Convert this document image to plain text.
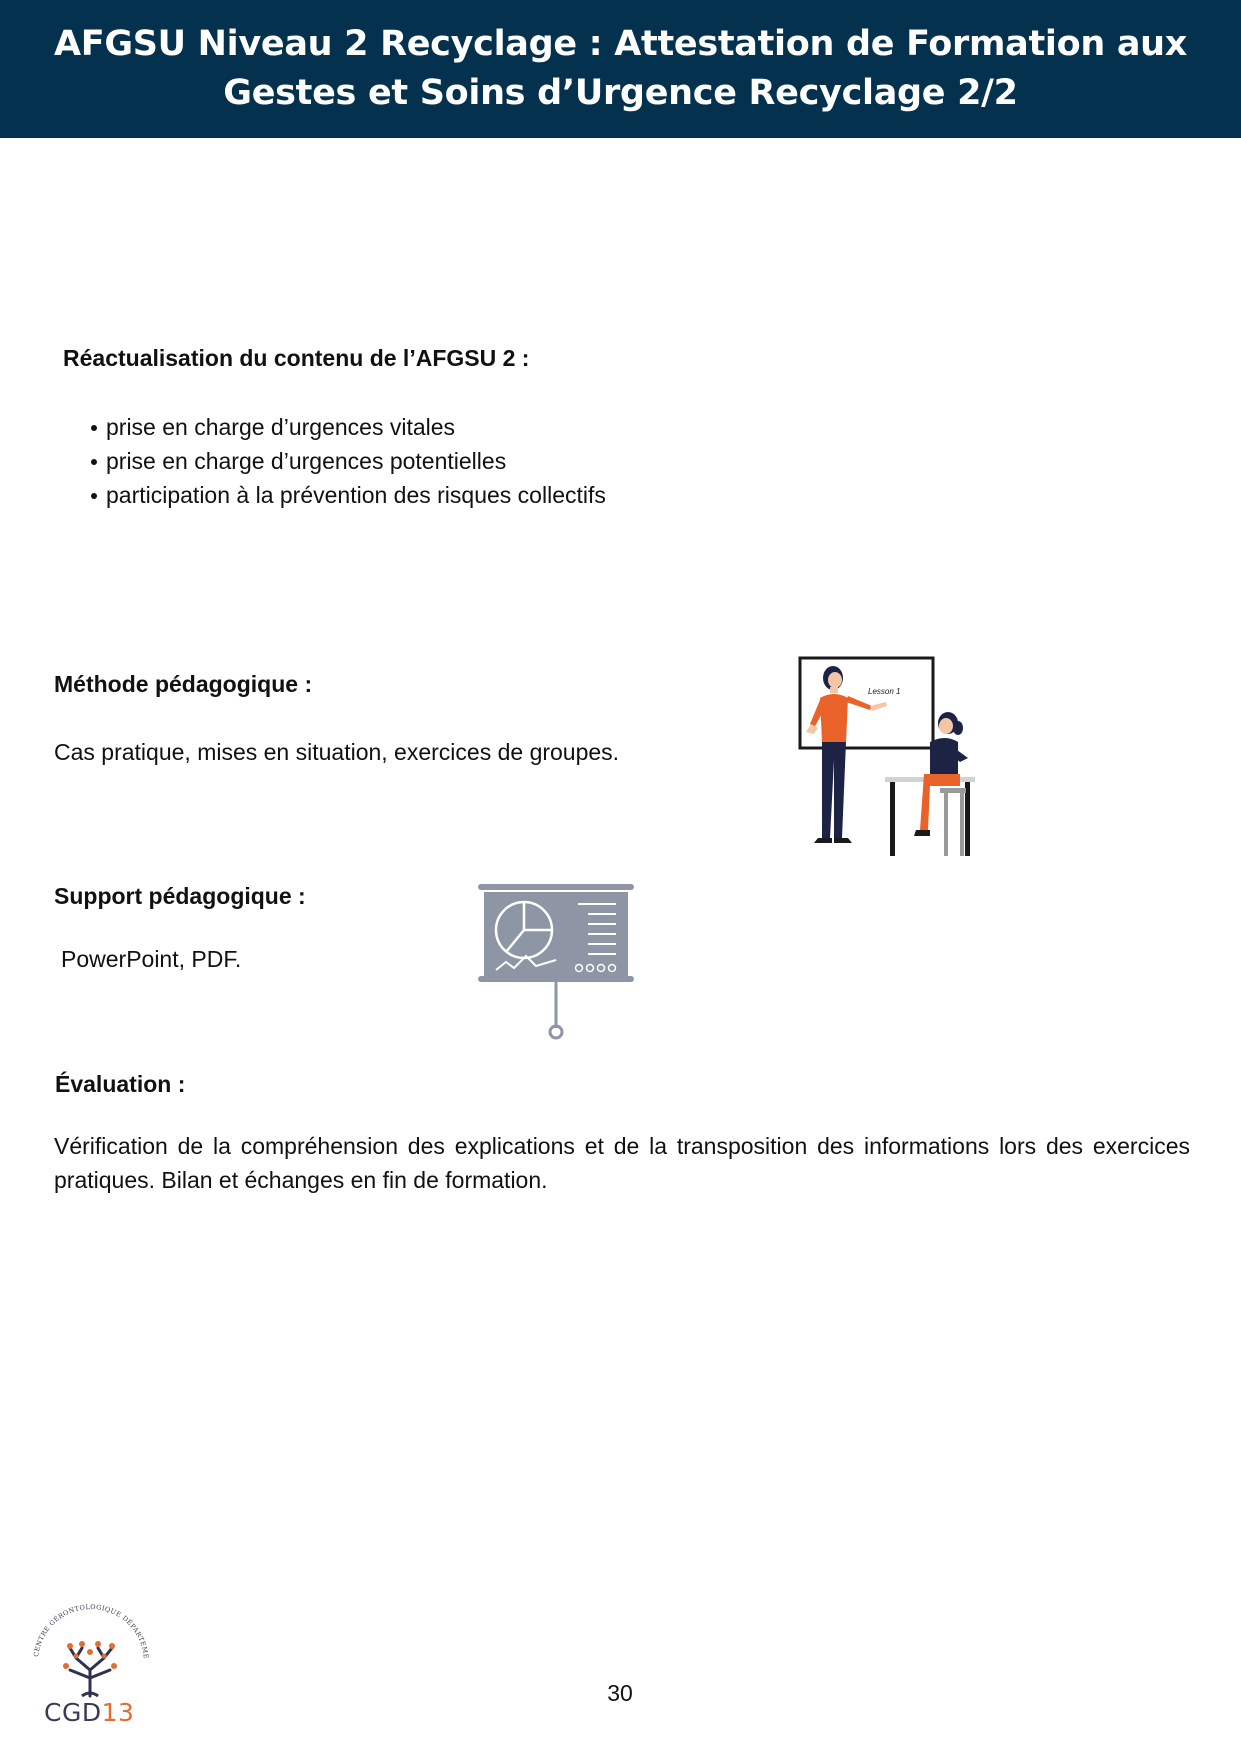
AFGSU Niveau 2 Recyclage : Attestation de Formation aux
Gestes et Soins d’Urgence Recyclage 2/2
Réactualisation du contenu de l’AFGSU 2 :
prise en charge d’urgences vitales
prise en charge d’urgences potentielles
participation à la prévention des risques collectifs
Méthode pédagogique :
Cas pratique, mises en situation, exercices de groupes.
Lesson 1
Support pédagogique :
PowerPoint, PDF.
Évaluation :
Vérification de la compréhension des explications et de la transposition des informations lors des exercices pratiques. Bilan et échanges en fin de formation.
CENTRE GÉRONTOLOGIQUE DÉPARTEME
CGD13
30
